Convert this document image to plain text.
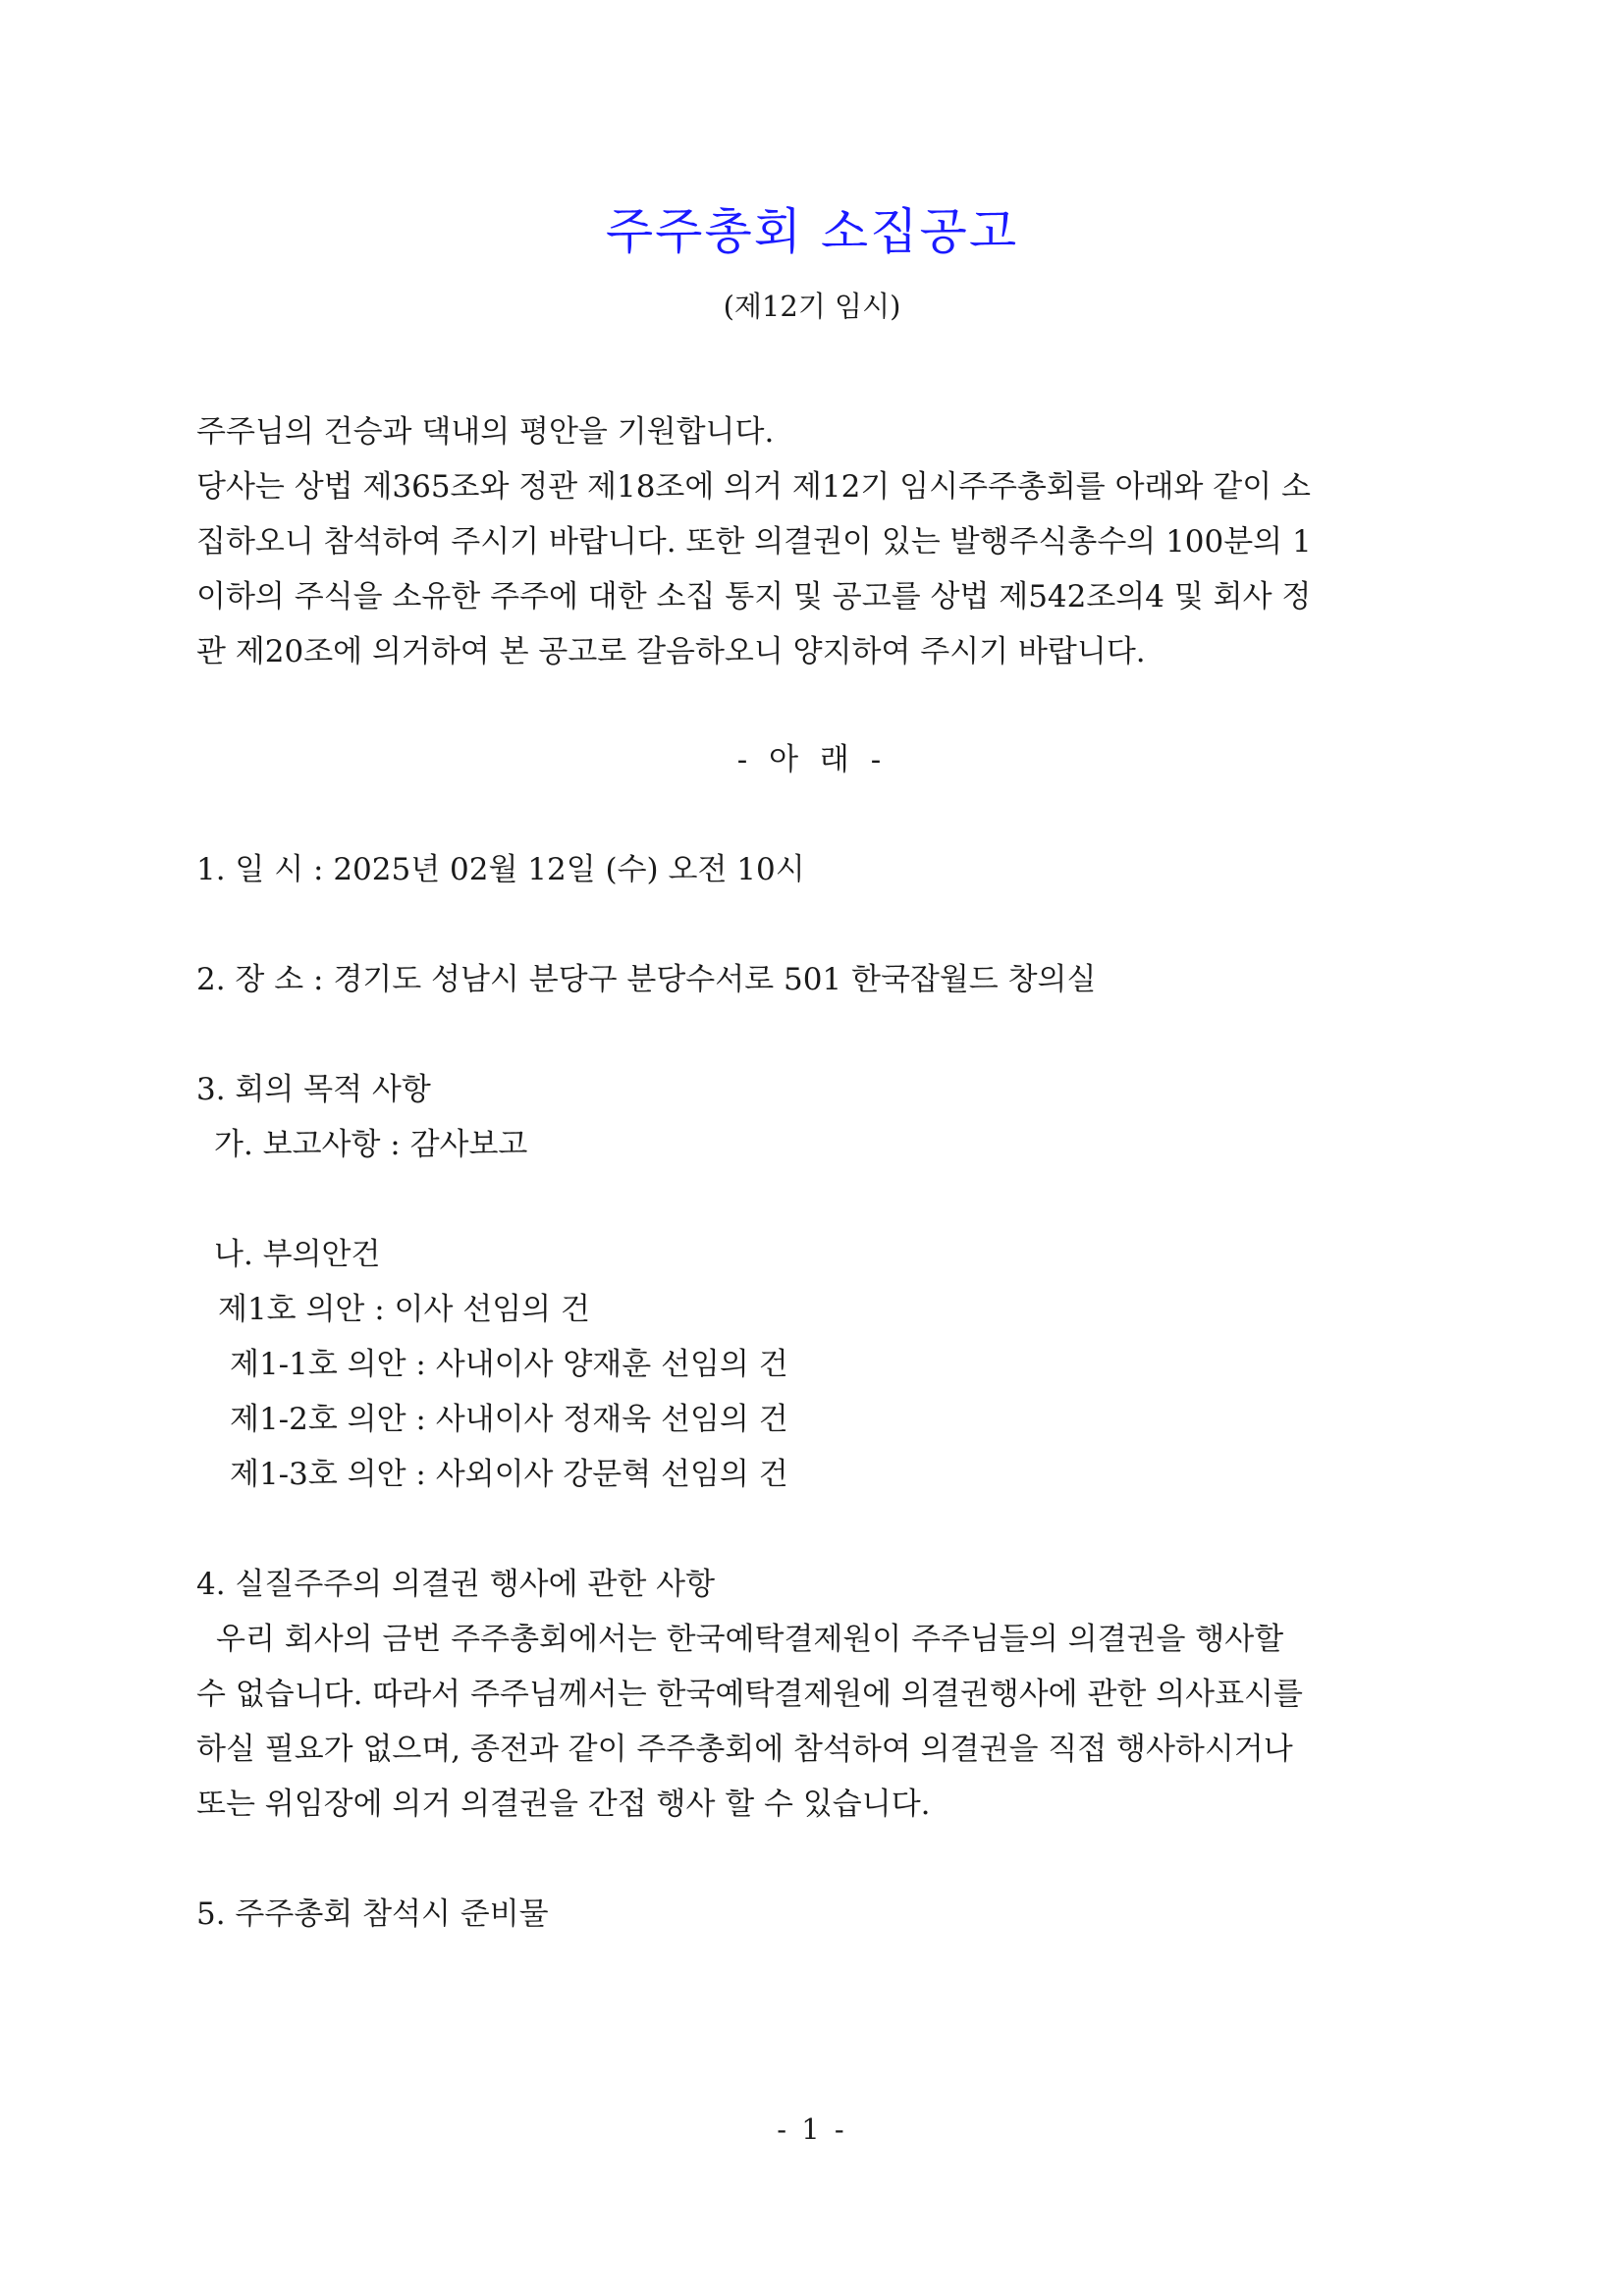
주주총회 소집공고

(제12기 임시)

주주님의 건승과 댁내의 평안을 기원합니다.

당사는 상법 제365조와 정관 제18조에 의거 제12기 임시주주총회를 아래와 같이 소
집하오니 참석하여 주시기 바랍니다. 또한 의결권이 있는 발행주식총수의 100분의 1
이하의 주식을 소유한 주주에 대한 소집 통지 및 공고를 상법 제542조의4 및 회사 정
관 제20조에 의거하여 본 공고로 갈음하오니 양지하여 주시기 바랍니다.
- 아 래 -
1. 일 시 : 2025년 02월 12일 (수) 오전 10시
2. 장 소 : 경기도 성남시 분당구 분당수서로 501 한국잡월드 창의실
3. 회의 목적 사항
가. 보고사항 : 감사보고
나. 부의안건
제1호 의안 : 이사 선임의 건
제1-1호 의안 : 사내이사 양재훈 선임의 건
제1-2호 의안 : 사내이사 정재욱 선임의 건
제1-3호 의안 : 사외이사 강문혁 선임의 건
4. 실질주주의 의결권 행사에 관한 사항
우리 회사의 금번 주주총회에서는 한국예탁결제원이 주주님들의 의결권을 행사할
수 없습니다. 따라서 주주님께서는 한국예탁결제원에 의결권행사에 관한 의사표시를
하실 필요가 없으며, 종전과 같이 주주총회에 참석하여 의결권을 직접 행사하시거나
또는 위임장에 의거 의결권을 간접 행사 할 수 있습니다.
5. 주주총회 참석시 준비물
- 1 -
